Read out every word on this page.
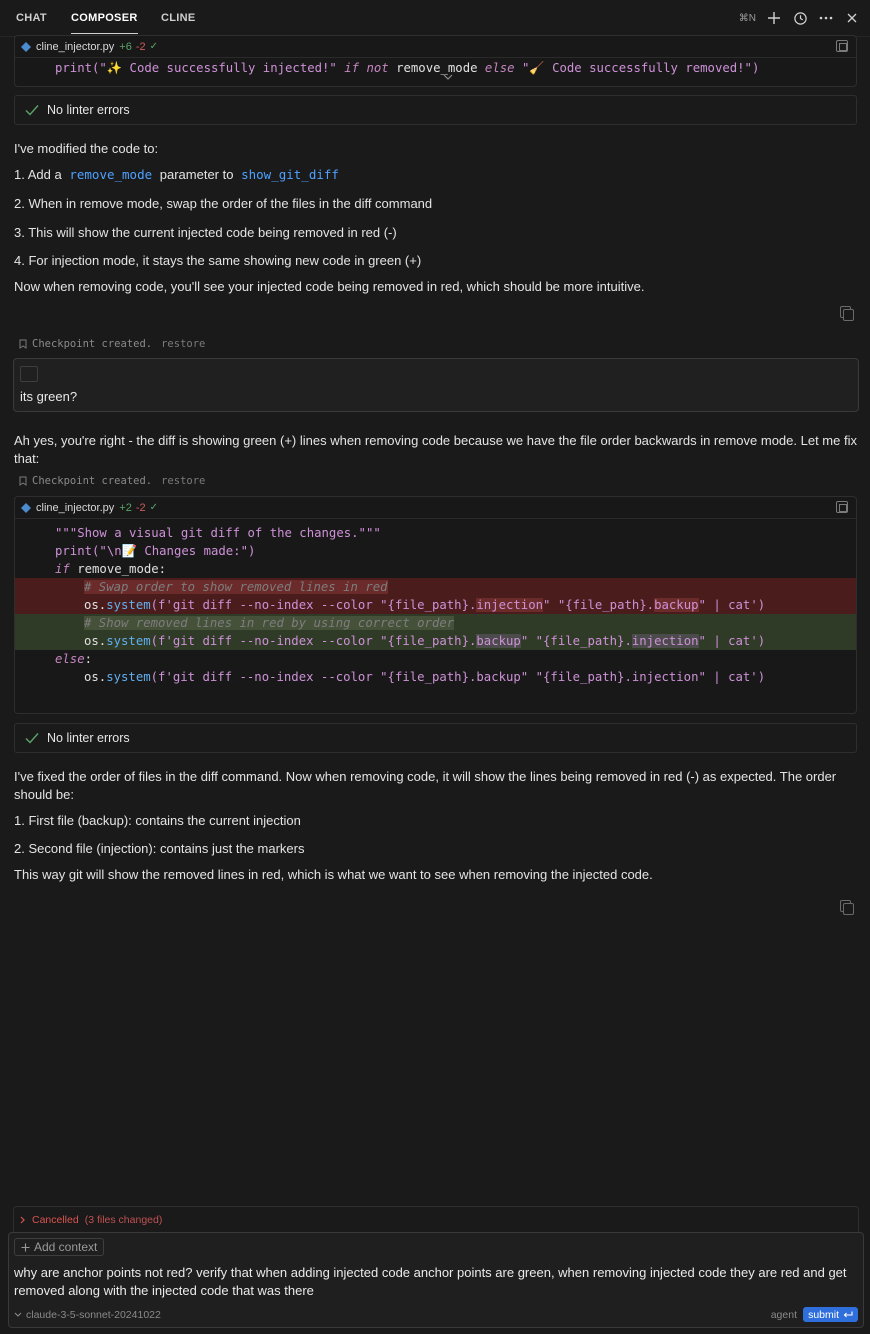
CHAT COMPOSER CLINE	⌘N
cline_injector.py +6 -2 ✓
print("✨ Code successfully injected!" if not remove_mode else "🧹 Code successfully removed!")
No linter errors
I've modified the code to:
1. Add a remove_mode parameter to show_git_diff
2. When in remove mode, swap the order of the files in the diff command
3. This will show the current injected code being removed in red (-)
4. For injection mode, it stays the same showing new code in green (+)
Now when removing code, you'll see your injected code being removed in red, which should be more intuitive.
Checkpoint created. restore
its green?
Ah yes, you're right - the diff is showing green (+) lines when removing code because we have the file order backwards in remove mode. Let me fix that:
Checkpoint created. restore
cline_injector.py +2 -2 ✓
"""Show a visual git diff of the changes."""
print("\n📝 Changes made:")
if remove_mode:
# Swap order to show removed lines in red
os.system(f'git diff --no-index --color "{file_path}.injection" "{file_path}.backup" | cat')
# Show removed lines in red by using correct order
os.system(f'git diff --no-index --color "{file_path}.backup" "{file_path}.injection" | cat')
else:
os.system(f'git diff --no-index --color "{file_path}.backup" "{file_path}.injection" | cat')
No linter errors
I've fixed the order of files in the diff command. Now when removing code, it will show the lines being removed in red (-) as expected. The order should be:
1. First file (backup): contains the current injection
2. Second file (injection): contains just the markers
This way git will show the removed lines in red, which is what we want to see when removing the injected code.
Cancelled (3 files changed)
Add context
why are anchor points not red? verify that when adding injected code anchor points are green, when removing injected code they are red and get removed along with the injected code that was there
claude-3-5-sonnet-20241022	agent submit
